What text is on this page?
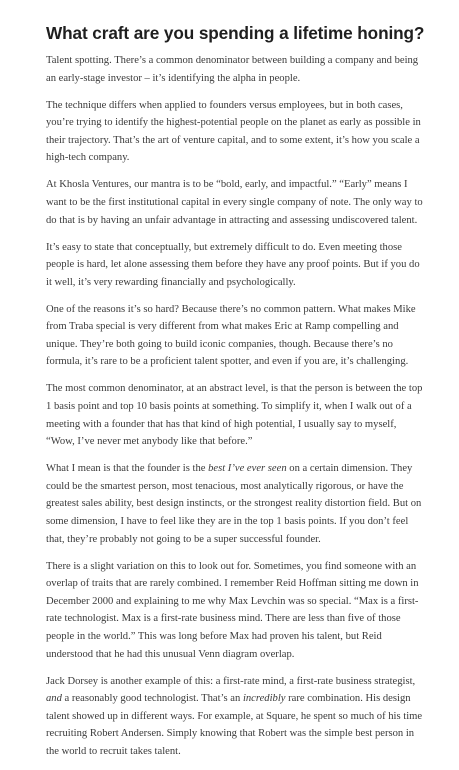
What craft are you spending a lifetime honing?

Talent spotting. There’s a common denominator between building a company and being an early-stage investor – it’s identifying the alpha in people.

The technique differs when applied to founders versus employees, but in both cases, you’re trying to identify the highest-potential people on the planet as early as possible in their trajectory. That’s the art of venture capital, and to some extent, it’s how you scale a high-tech company.

At Khosla Ventures, our mantra is to be “bold, early, and impactful.” “Early” means I want to be the first institutional capital in every single company of note. The only way to do that is by having an unfair advantage in attracting and assessing undiscovered talent.

It’s easy to state that conceptually, but extremely difficult to do. Even meeting those people is hard, let alone assessing them before they have any proof points. But if you do it well, it’s very rewarding financially and psychologically.

One of the reasons it’s so hard? Because there’s no common pattern. What makes Mike from Traba special is very different from what makes Eric at Ramp compelling and unique. They’re both going to build iconic companies, though. Because there’s no formula, it’s rare to be a proficient talent spotter, and even if you are, it’s challenging.

The most common denominator, at an abstract level, is that the person is between the top 1 basis point and top 10 basis points at something. To simplify it, when I walk out of a meeting with a founder that has that kind of high potential, I usually say to myself, “Wow, I’ve never met anybody like that before.”

What I mean is that the founder is the best I’ve ever seen on a certain dimension. They could be the smartest person, most tenacious, most analytically rigorous, or have the greatest sales ability, best design instincts, or the strongest reality distortion field. But on some dimension, I have to feel like they are in the top 1 basis points. If you don’t feel that, they’re probably not going to be a super successful founder.

There is a slight variation on this to look out for. Sometimes, you find someone with an overlap of traits that are rarely combined. I remember Reid Hoffman sitting me down in December 2000 and explaining to me why Max Levchin was so special. “Max is a first-rate technologist. Max is a first-rate business mind. There are less than five of those people in the world.” This was long before Max had proven his talent, but Reid understood that he had this unusual Venn diagram overlap.

Jack Dorsey is another example of this: a first-rate mind, a first-rate business strategist, and a reasonably good technologist. That’s an incredibly rare combination. His design talent showed up in different ways. For example, at Square, he spent so much of his time recruiting Robert Andersen. Simply knowing that Robert was the simple best person in the world to recruit takes talent.
